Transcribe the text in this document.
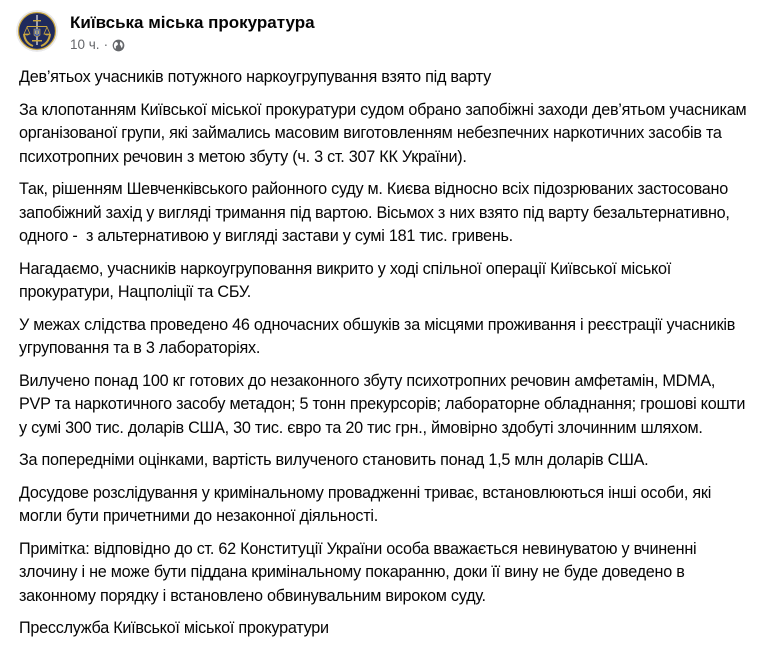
Київська міська прокуратура
10 ч. ·

Дев’ятьох учасників потужного наркоугрупування взято під варту

За клопотанням Київської міської прокуратури судом обрано запобіжні заходи дев’ятьом учасникам організованої групи, які займались масовим виготовленням небезпечних наркотичних засобів та психотропних речовин з метою збуту (ч. 3 ст. 307 КК України).

Так, рішенням Шевченківського районного суду м. Києва відносно всіх підозрюваних застосовано запобіжний захід у вигляді тримання під вартою. Вісьмох з них взято під варту безальтернативно, одного -  з альтернативою у вигляді застави у сумі 181 тис. гривень.

Нагадаємо, учасників наркоугруповання викрито у ході спільної операції Київської міської прокуратури, Нацполіції та СБУ.

У межах слідства проведено 46 одночасних обшуків за місцями проживання і реєстрації учасників угруповання та в 3 лабораторіях.

Вилучено понад 100 кг готових до незаконного збуту психотропних речовин амфетамін, MDMA, PVP та наркотичного засобу метадон; 5 тонн прекурсорів; лабораторне обладнання; грошові кошти у сумі 300 тис. доларів США, 30 тис. євро та 20 тис грн., ймовірно здобуті злочинним шляхом.

За попередніми оцінками, вартість вилученого становить понад 1,5 млн доларів США.

Досудове розслідування у кримінальному провадженні триває, встановлюються інші особи, які могли бути причетними до незаконної діяльності.

Примітка: відповідно до ст. 62 Конституції України особа вважається невинуватою у вчиненні злочину і не може бути піддана кримінальному покаранню, доки її вину не буде доведено в законному порядку і встановлено обвинувальним вироком суду.

Пресслужба Київської міської прокуратури
